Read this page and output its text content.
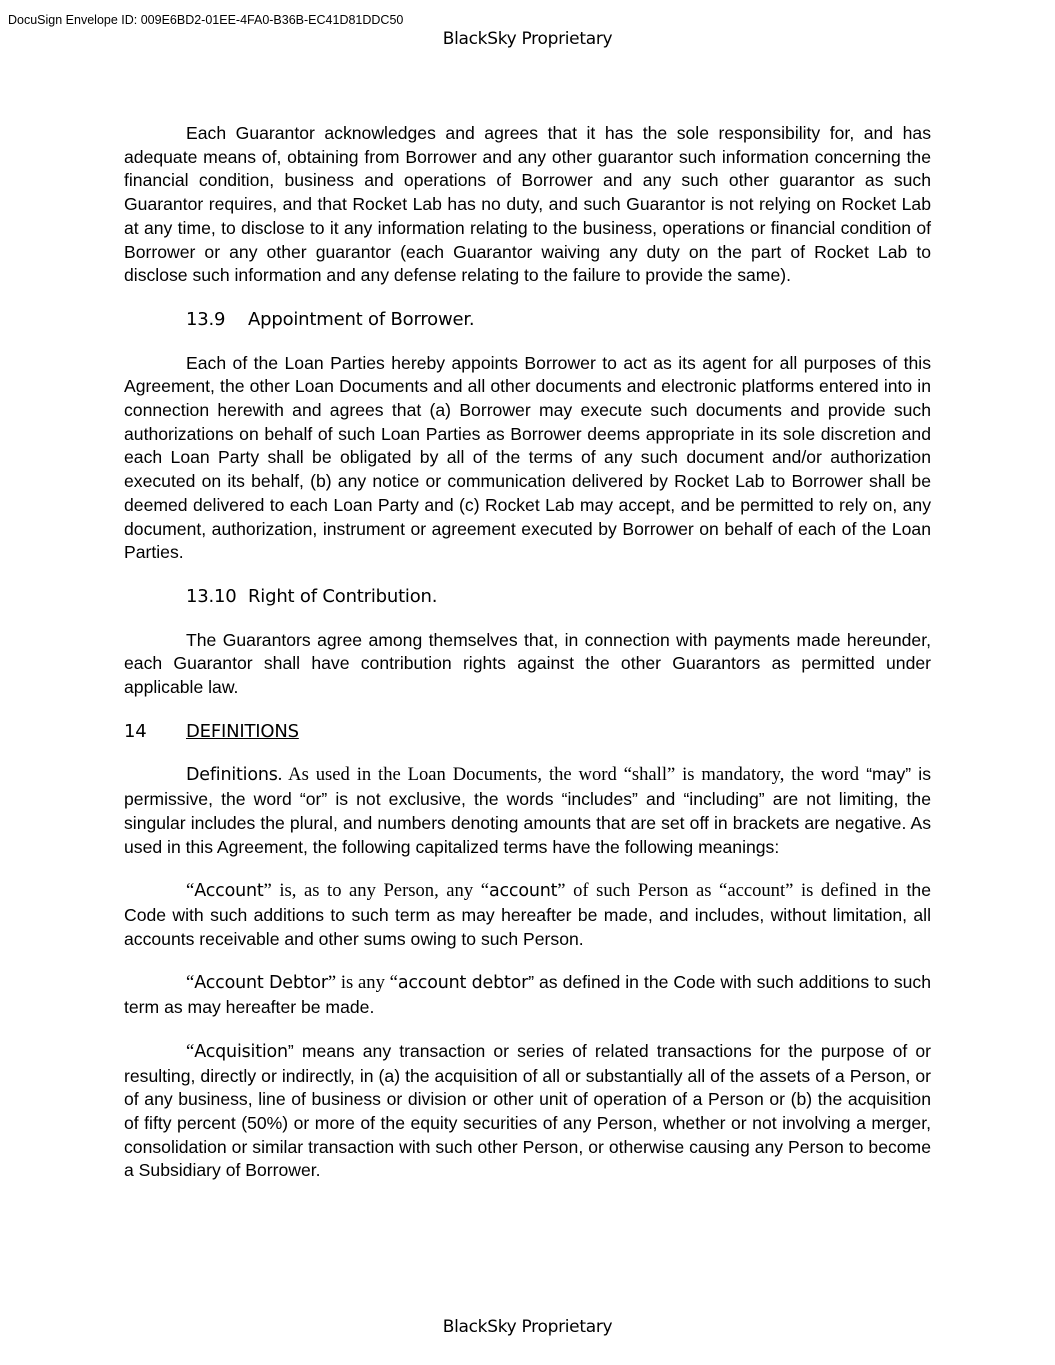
DocuSign Envelope ID: 009E6BD2-01EE-4FA0-B36B-EC41D81DDC50
BlackSky Proprietary

Each Guarantor acknowledges and agrees that it has the sole responsibility for, and has adequate means of, obtaining from Borrower and any other guarantor such information concerning the financial condition, business and operations of Borrower and any such other guarantor as such Guarantor requires, and that Rocket Lab has no duty, and such Guarantor is not relying on Rocket Lab at any time, to disclose to it any information relating to the business, operations or financial condition of Borrower or any other guarantor (each Guarantor waiving any duty on the part of Rocket Lab to disclose such information and any defense relating to the failure to provide the same).

13.9	Appointment of Borrower.

Each of the Loan Parties hereby appoints Borrower to act as its agent for all purposes of this Agreement, the other Loan Documents and all other documents and electronic platforms entered into in connection herewith and agrees that (a) Borrower may execute such documents and provide such authorizations on behalf of such Loan Parties as Borrower deems appropriate in its sole discretion and each Loan Party shall be obligated by all of the terms of any such document and/or authorization executed on its behalf, (b) any notice or communication delivered by Rocket Lab to Borrower shall be deemed delivered to each Loan Party and (c) Rocket Lab may accept, and be permitted to rely on, any document, authorization, instrument or agreement executed by Borrower on behalf of each of the Loan Parties.

13.10 Right of Contribution.

The Guarantors agree among themselves that, in connection with payments made hereunder, each Guarantor shall have contribution rights against the other Guarantors as permitted under applicable law.

14	DEFINITIONS

Definitions. As used in the Loan Documents, the word “shall” is mandatory, the word “may” is permissive, the word “or” is not exclusive, the words “includes” and “including” are not limiting, the singular includes the plural, and numbers denoting amounts that are set off in brackets are negative. As used in this Agreement, the following capitalized terms have the following meanings:

“Account” is, as to any Person, any “account” of such Person as “account” is defined in the Code with such additions to such term as may hereafter be made, and includes, without limitation, all accounts receivable and other sums owing to such Person.

“Account Debtor” is any “account debtor” as defined in the Code with such additions to such term as may hereafter be made.

“Acquisition” means any transaction or series of related transactions for the purpose of or resulting, directly or indirectly, in (a) the acquisition of all or substantially all of the assets of a Person, or of any business, line of business or division or other unit of operation of a Person or (b) the acquisition of fifty percent (50%) or more of the equity securities of any Person, whether or not involving a merger, consolidation or similar transaction with such other Person, or otherwise causing any Person to become a Subsidiary of Borrower.

BlackSky Proprietary
